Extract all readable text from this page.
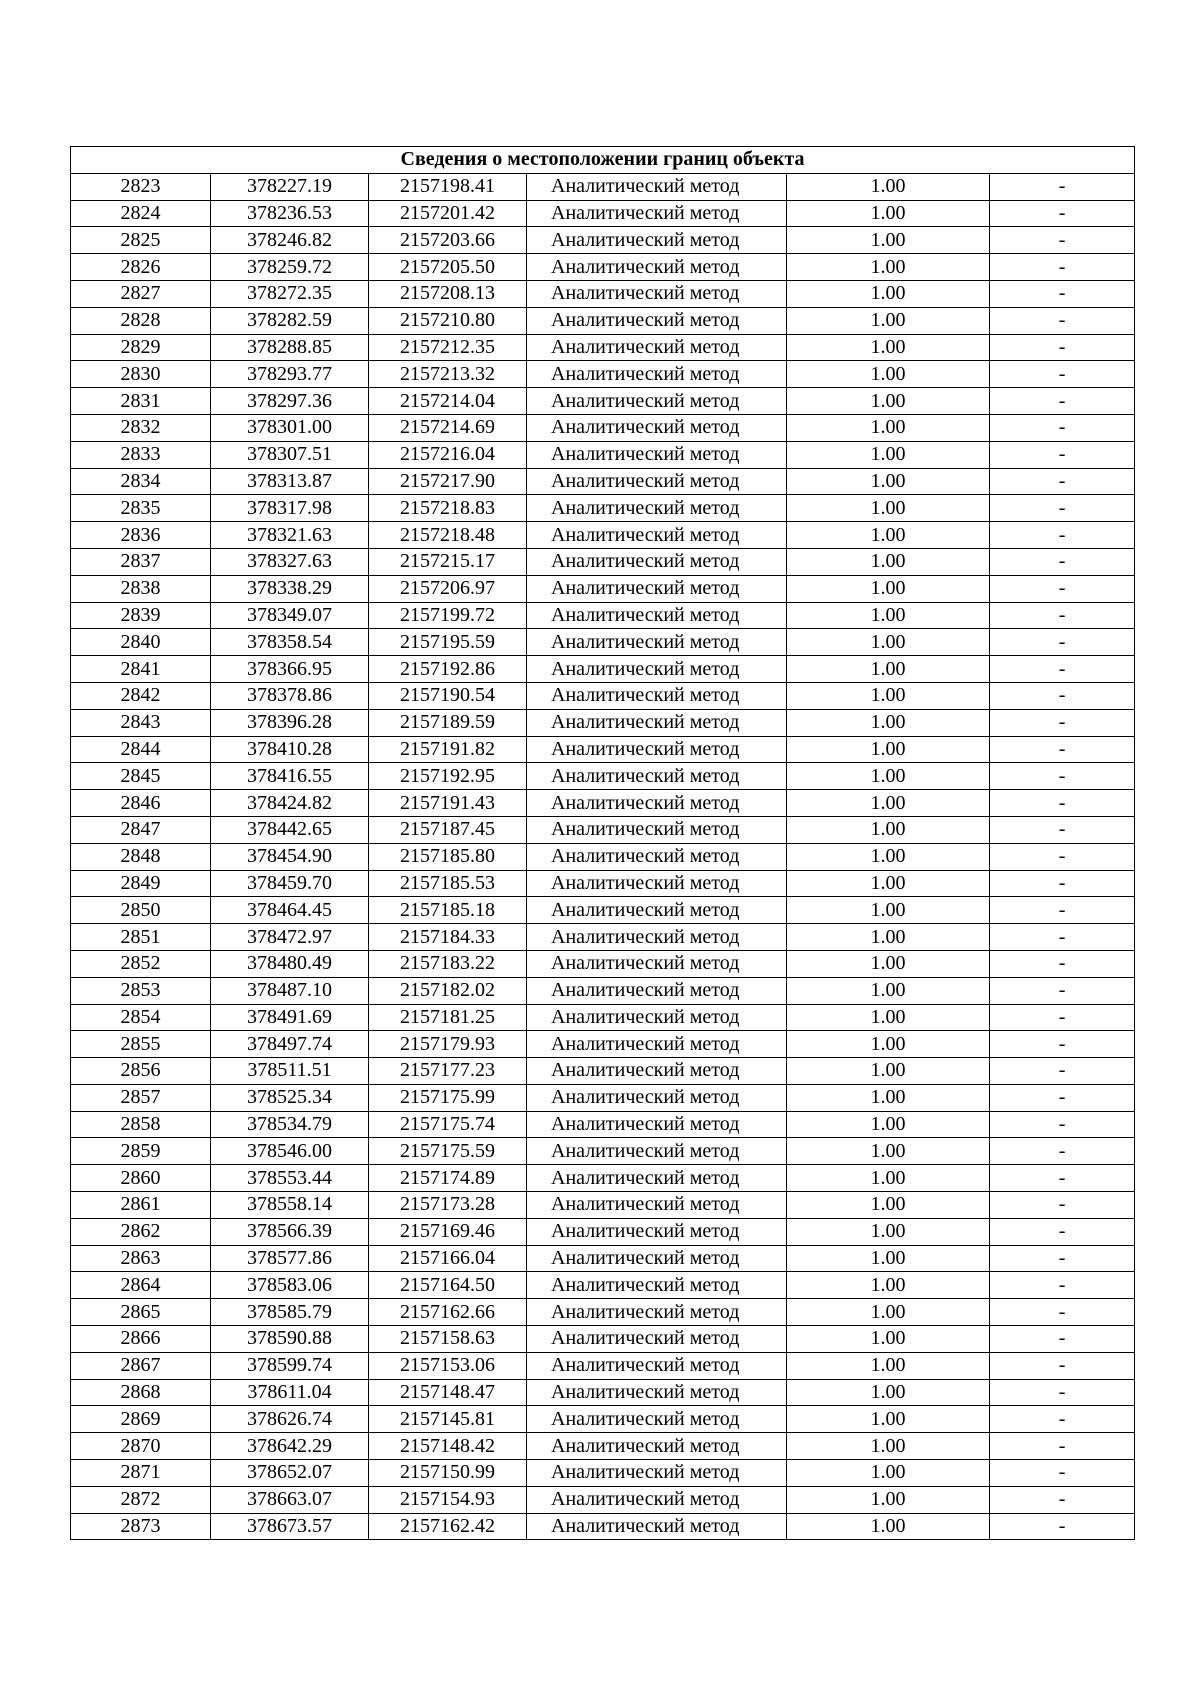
Сведения о местоположении границ объекта					
2823	378227.19	2157198.41	Аналитический метод	1.00	-
2824	378236.53	2157201.42	Аналитический метод	1.00	-
2825	378246.82	2157203.66	Аналитический метод	1.00	-
2826	378259.72	2157205.50	Аналитический метод	1.00	-
2827	378272.35	2157208.13	Аналитический метод	1.00	-
2828	378282.59	2157210.80	Аналитический метод	1.00	-
2829	378288.85	2157212.35	Аналитический метод	1.00	-
2830	378293.77	2157213.32	Аналитический метод	1.00	-
2831	378297.36	2157214.04	Аналитический метод	1.00	-
2832	378301.00	2157214.69	Аналитический метод	1.00	-
2833	378307.51	2157216.04	Аналитический метод	1.00	-
2834	378313.87	2157217.90	Аналитический метод	1.00	-
2835	378317.98	2157218.83	Аналитический метод	1.00	-
2836	378321.63	2157218.48	Аналитический метод	1.00	-
2837	378327.63	2157215.17	Аналитический метод	1.00	-
2838	378338.29	2157206.97	Аналитический метод	1.00	-
2839	378349.07	2157199.72	Аналитический метод	1.00	-
2840	378358.54	2157195.59	Аналитический метод	1.00	-
2841	378366.95	2157192.86	Аналитический метод	1.00	-
2842	378378.86	2157190.54	Аналитический метод	1.00	-
2843	378396.28	2157189.59	Аналитический метод	1.00	-
2844	378410.28	2157191.82	Аналитический метод	1.00	-
2845	378416.55	2157192.95	Аналитический метод	1.00	-
2846	378424.82	2157191.43	Аналитический метод	1.00	-
2847	378442.65	2157187.45	Аналитический метод	1.00	-
2848	378454.90	2157185.80	Аналитический метод	1.00	-
2849	378459.70	2157185.53	Аналитический метод	1.00	-
2850	378464.45	2157185.18	Аналитический метод	1.00	-
2851	378472.97	2157184.33	Аналитический метод	1.00	-
2852	378480.49	2157183.22	Аналитический метод	1.00	-
2853	378487.10	2157182.02	Аналитический метод	1.00	-
2854	378491.69	2157181.25	Аналитический метод	1.00	-
2855	378497.74	2157179.93	Аналитический метод	1.00	-
2856	378511.51	2157177.23	Аналитический метод	1.00	-
2857	378525.34	2157175.99	Аналитический метод	1.00	-
2858	378534.79	2157175.74	Аналитический метод	1.00	-
2859	378546.00	2157175.59	Аналитический метод	1.00	-
2860	378553.44	2157174.89	Аналитический метод	1.00	-
2861	378558.14	2157173.28	Аналитический метод	1.00	-
2862	378566.39	2157169.46	Аналитический метод	1.00	-
2863	378577.86	2157166.04	Аналитический метод	1.00	-
2864	378583.06	2157164.50	Аналитический метод	1.00	-
2865	378585.79	2157162.66	Аналитический метод	1.00	-
2866	378590.88	2157158.63	Аналитический метод	1.00	-
2867	378599.74	2157153.06	Аналитический метод	1.00	-
2868	378611.04	2157148.47	Аналитический метод	1.00	-
2869	378626.74	2157145.81	Аналитический метод	1.00	-
2870	378642.29	2157148.42	Аналитический метод	1.00	-
2871	378652.07	2157150.99	Аналитический метод	1.00	-
2872	378663.07	2157154.93	Аналитический метод	1.00	-
2873	378673.57	2157162.42	Аналитический метод	1.00	-
